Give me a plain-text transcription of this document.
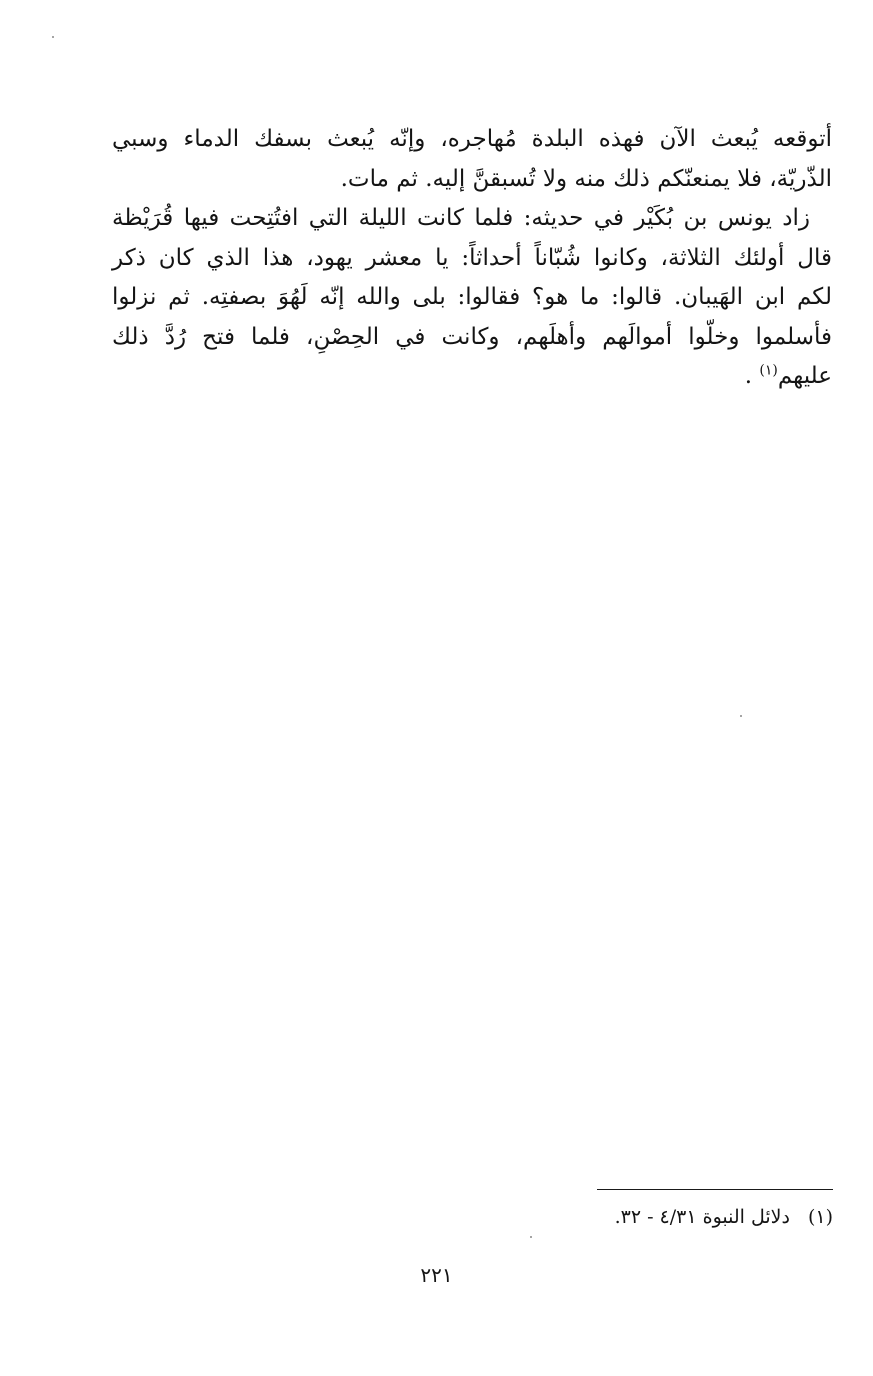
أتوقعه يُبعث الآن فهذه البلدة مُهاجره، وإنّه يُبعث بسفك الدماء وسبي
الذّريّة، فلا يمنعنّكم ذلك منه ولا تُسبقنَّ إليه. ثم مات.
زاد يونس بن بُكَيْر في حديثه: فلما كانت الليلة التي افتُتِحت فيها قُرَيْظة
قال أولئك الثلاثة، وكانوا شُبّاناً أحداثاً: يا معشر يهود، هذا الذي كان ذكر
لكم ابن الهَيبان. قالوا: ما هو؟ فقالوا: بلى والله إنّه لَهُوَ بصفتِه. ثم نزلوا
فأسلموا وخلّوا أموالَهم وأهلَهم، وكانت في الحِصْنِ، فلما فتح رُدَّ ذلك
عليهم$^{(١)}$ .
(١)دلائل النبوة ٤/٣١ - ٣٢.
٢٢١
